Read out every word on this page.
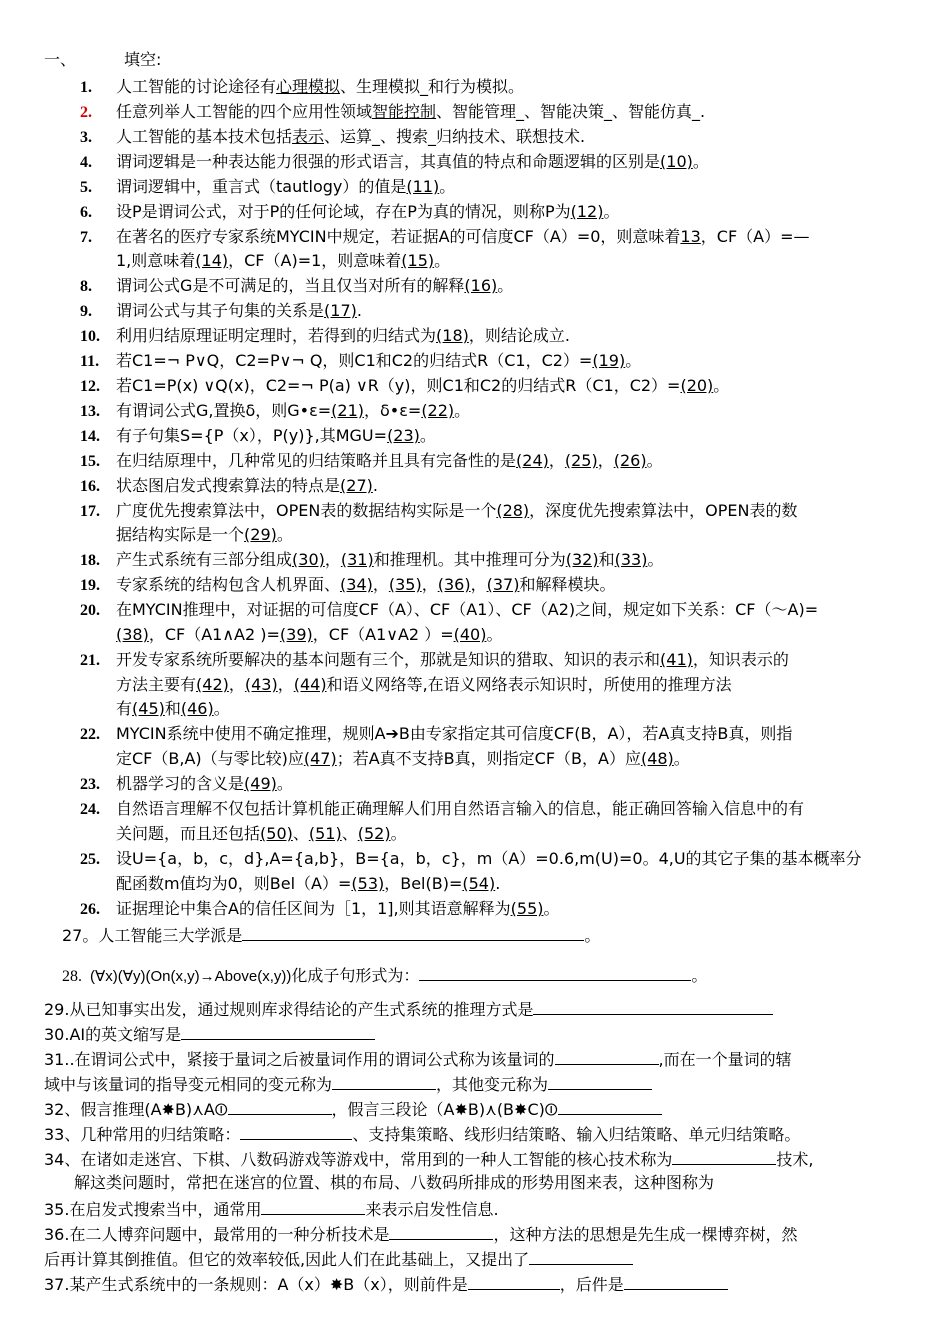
一、	填空:
1. 人工智能的讨论途径有心理模拟、生理模拟_和行为模拟。
2. 任意列举人工智能的四个应用性领域智能控制、智能管理_、智能决策_、智能仿真_.
3. 人工智能的基本技术包括表示、运算_、搜索_归纳技术、联想技术.
4. 谓词逻辑是一种表达能力很强的形式语言，其真值的特点和命题逻辑的区别是(10)。
5. 谓词逻辑中，重言式（tautlogy）的值是(11)。
6. 设P是谓词公式，对于P的任何论域，存在P为真的情况，则称P为(12)。
7. 在著名的医疗专家系统MYCIN中规定，若证据A的可信度CF（A）=0，则意味着13，CF（A）=—
1,则意味着(14)，CF（A)=1，则意味着(15)。
8. 谓词公式G是不可满足的，当且仅当对所有的解释(16)。
9. 谓词公式与其子句集的关系是(17).
10. 利用归结原理证明定理时，若得到的归结式为(18)，则结论成立.
11. 若C1=¬ P∨Q，C2=P∨¬ Q，则C1和C2的归结式R（C1，C2）=(19)。
12. 若C1=P(x) ∨Q(x)，C2=¬ P(a) ∨R（y)，则C1和C2的归结式R（C1，C2）=(20)。
13. 有谓词公式G,置换δ，则G•ε=(21)，δ•ε=(22)。
14. 有子句集S={P（x），P(y)},其MGU=(23)。
15. 在归结原理中，几种常见的归结策略并且具有完备性的是(24)，(25)，(26)。
16. 状态图启发式搜索算法的特点是(27).
17. 广度优先搜索算法中，OPEN表的数据结构实际是一个(28)，深度优先搜索算法中，OPEN表的数
据结构实际是一个(29)。
18. 产生式系统有三部分组成(30)，(31)和推理机。其中推理可分为(32)和(33)。
19. 专家系统的结构包含人机界面、(34)，(35)，(36)，(37)和解释模块。
20. 在MYCIN推理中，对证据的可信度CF（A）、CF（A1）、CF（A2)之间，规定如下关系：CF（～A)=
(38)，CF（A1∧A2 )=(39)，CF（A1∨A2 ）=(40)。
21. 开发专家系统所要解决的基本问题有三个，那就是知识的猎取、知识的表示和(41)，知识表示的
方法主要有(42)，(43)，(44)和语义网络等,在语义网络表示知识时，所使用的推理方法
有(45)和(46)。
22. MYCIN系统中使用不确定推理，规则A➔B由专家指定其可信度CF(B，A），若A真支持B真，则指
定CF（B,A)（与零比较)应(47)；若A真不支持B真，则指定CF（B，A）应(48)。
23. 机器学习的含义是(49)。
24. 自然语言理解不仅包括计算机能正确理解人们用自然语言输入的信息，能正确回答输入信息中的有
关问题，而且还包括(50)、(51)、(52)。
25. 设U={a，b，c，d},A={a,b}，B={a，b，c}，m（A）=0.6,m(U)=0。4,U的其它子集的基本概率分
配函数m值均为0，则Bel（A）=(53)，Bel(B)=(54).
26. 证据理论中集合A的信任区间为［1，1],则其语意解释为(55)。
27。人工智能三大学派是	。
28. (∀x)(∀y)(On(x,y)→Above(x,y))化成子句形式为：	。
29.从已知事实出发，通过规则库求得结论的产生式系统的推理方式是
30.AI的英文缩写是
31..在谓词公式中，紧接于量词之后被量词作用的谓词公式称为该量词的	,而在一个量词的辖
域中与该量词的指导变元相同的变元称为	，其他变元称为
32、假言推理(A✸B)⋏A⏼	，假言三段论（A✸B)⋏(B✸C)⏼
33、几种常用的归结策略：	、支持集策略、线形归结策略、输入归结策略、单元归结策略。
34、在诸如走迷宫、下棋、八数码游戏等游戏中，常用到的一种人工智能的核心技术称为	技术,
解这类问题时，常把在迷宫的位置、棋的布局、八数码所排成的形势用图来表，这种图称为
35.在启发式搜索当中，通常用	来表示启发性信息.
36.在二人博弈问题中，最常用的一种分析技术是	，这种方法的思想是先生成一棵博弈树，然
后再计算其倒推值。但它的效率较低,因此人们在此基础上，又提出了
37.某产生式系统中的一条规则：A（x）✸B（x），则前件是	，后件是
